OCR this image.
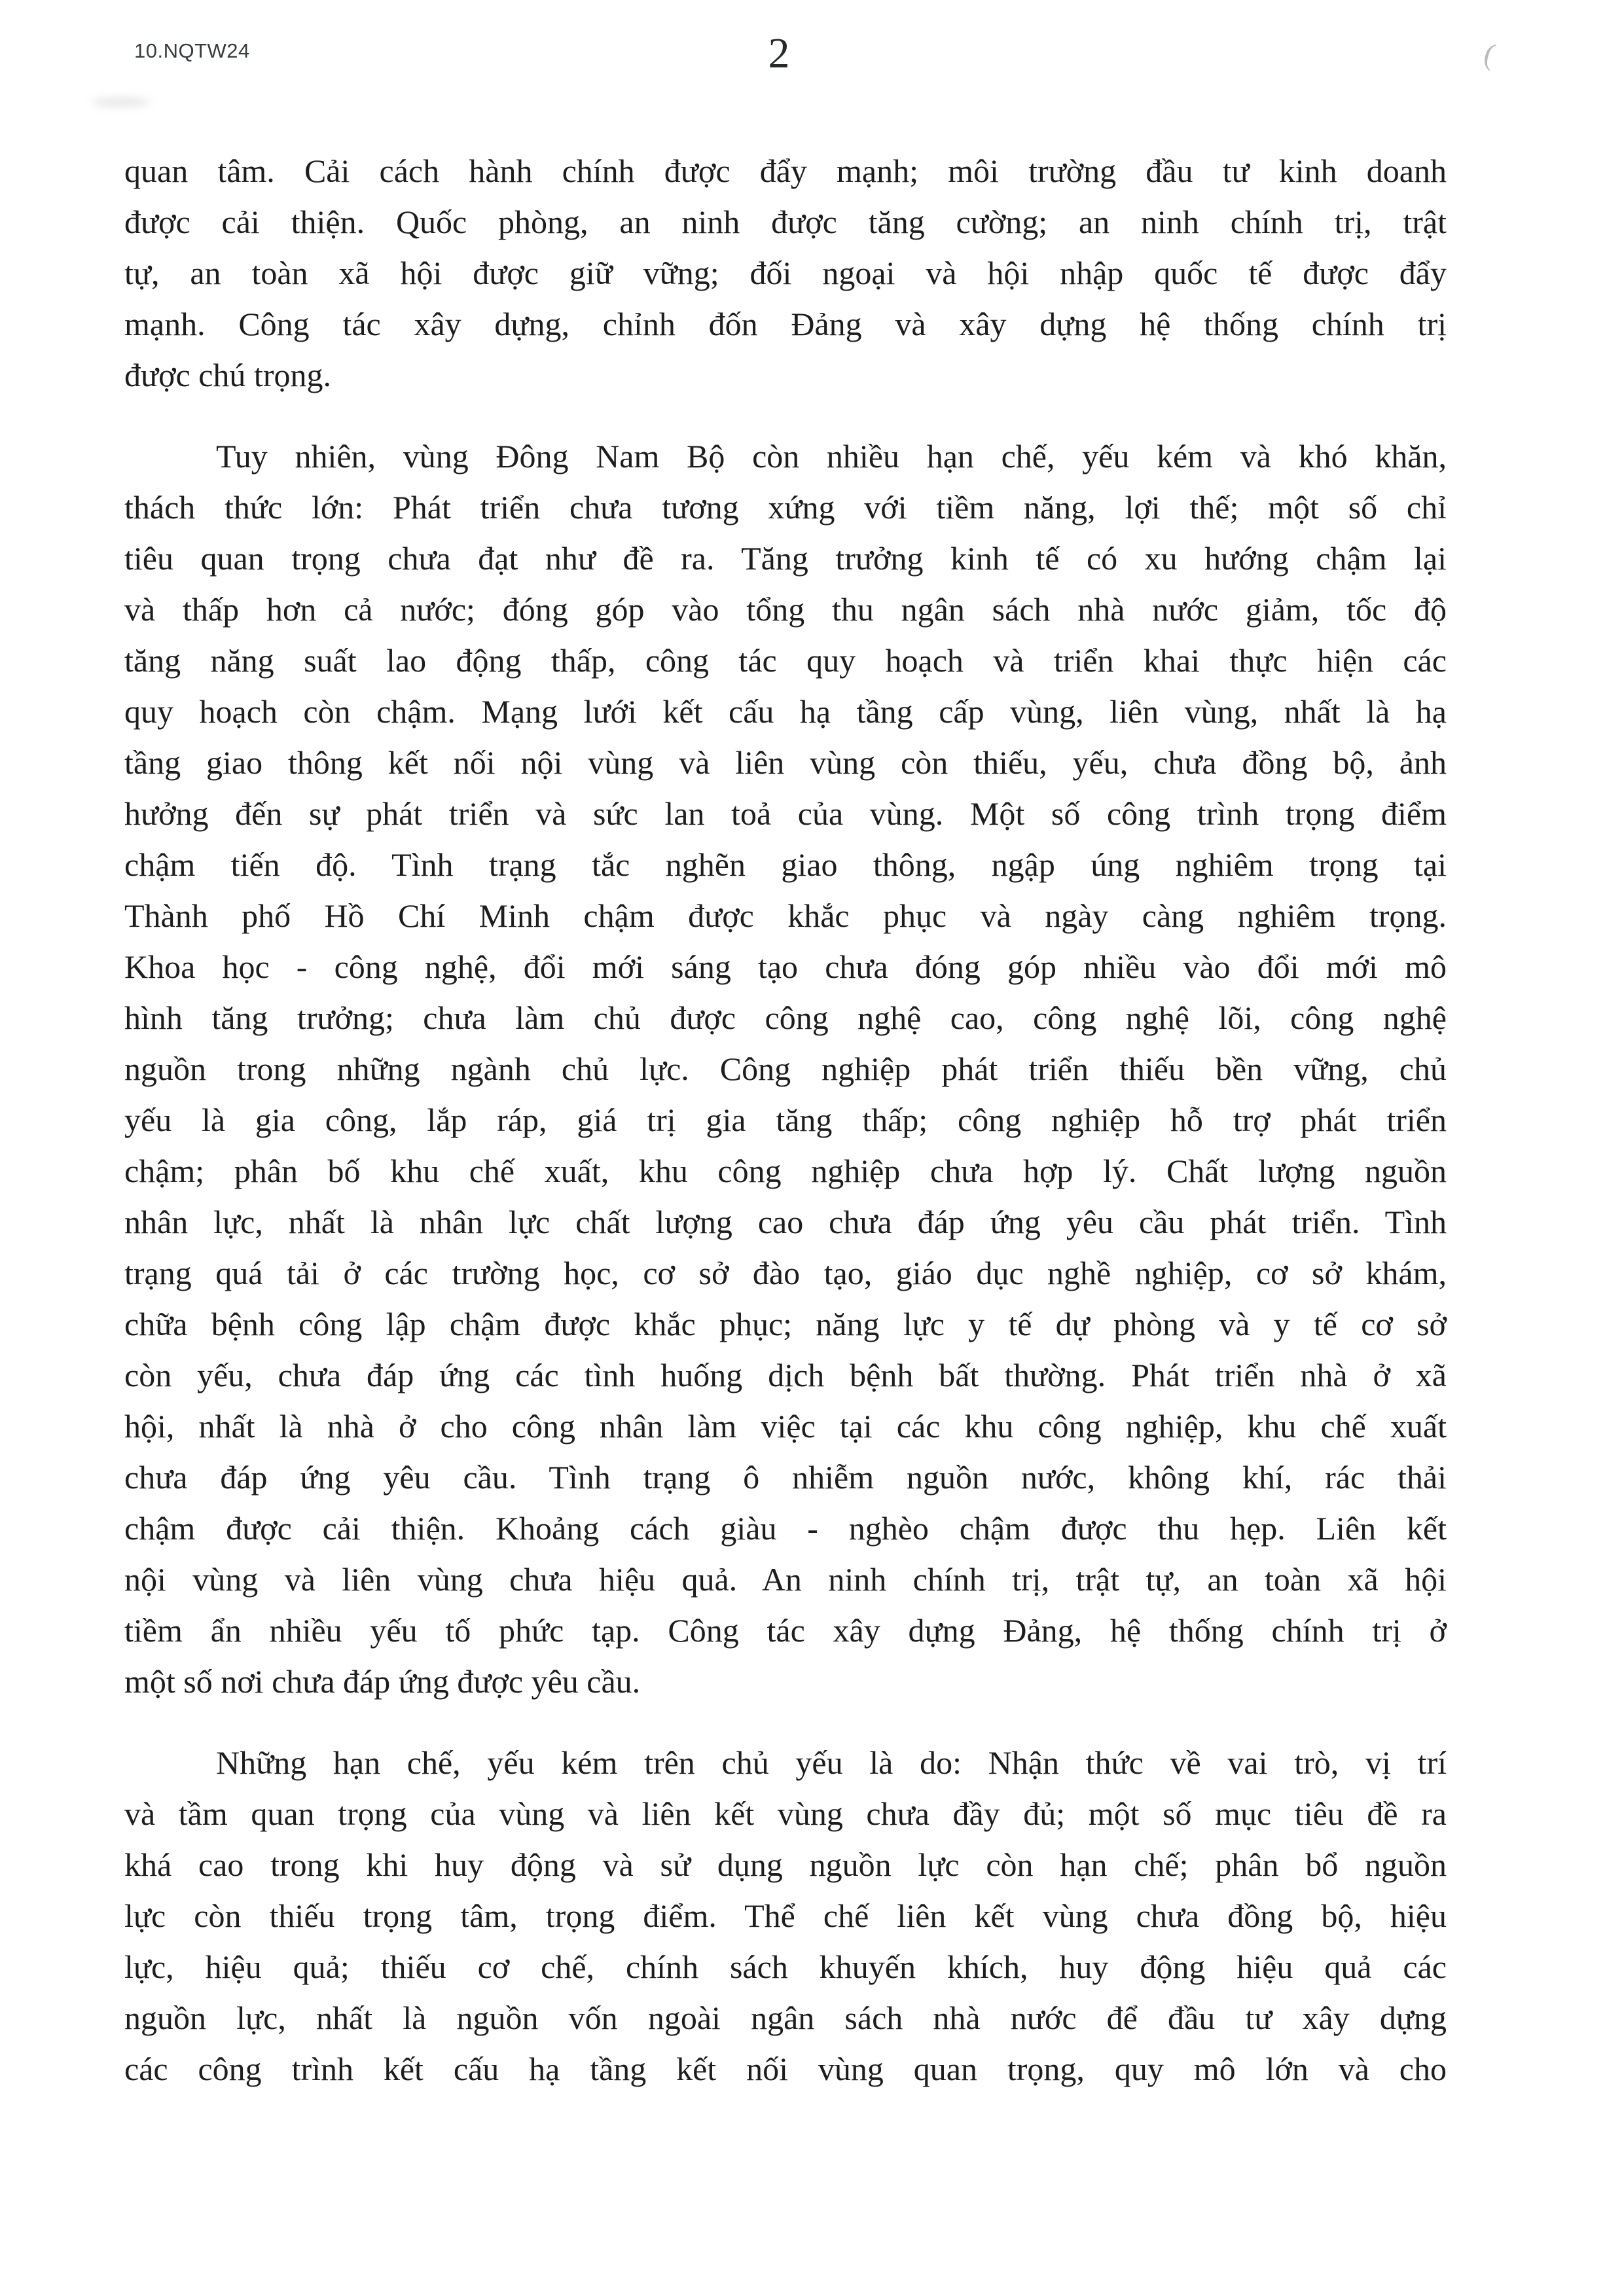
10.NQTW24	2	(
quan tâm. Cải cách hành chính được đẩy mạnh; môi trường đầu tư kinh doanh
được cải thiện. Quốc phòng, an ninh được tăng cường; an ninh chính trị, trật
tự, an toàn xã hội được giữ vững; đối ngoại và hội nhập quốc tế được đẩy
mạnh. Công tác xây dựng, chỉnh đốn Đảng và xây dựng hệ thống chính trị
được chú trọng.
Tuy nhiên, vùng Đông Nam Bộ còn nhiều hạn chế, yếu kém và khó khăn,
thách thức lớn: Phát triển chưa tương xứng với tiềm năng, lợi thế; một số chỉ
tiêu quan trọng chưa đạt như đề ra. Tăng trưởng kinh tế có xu hướng chậm lại
và thấp hơn cả nước; đóng góp vào tổng thu ngân sách nhà nước giảm, tốc độ
tăng năng suất lao động thấp, công tác quy hoạch và triển khai thực hiện các
quy hoạch còn chậm. Mạng lưới kết cấu hạ tầng cấp vùng, liên vùng, nhất là hạ
tầng giao thông kết nối nội vùng và liên vùng còn thiếu, yếu, chưa đồng bộ, ảnh
hưởng đến sự phát triển và sức lan toả của vùng. Một số công trình trọng điểm
chậm tiến độ. Tình trạng tắc nghẽn giao thông, ngập úng nghiêm trọng tại
Thành phố Hồ Chí Minh chậm được khắc phục và ngày càng nghiêm trọng.
Khoa học - công nghệ, đổi mới sáng tạo chưa đóng góp nhiều vào đổi mới mô
hình tăng trưởng; chưa làm chủ được công nghệ cao, công nghệ lõi, công nghệ
nguồn trong những ngành chủ lực. Công nghiệp phát triển thiếu bền vững, chủ
yếu là gia công, lắp ráp, giá trị gia tăng thấp; công nghiệp hỗ trợ phát triển
chậm; phân bố khu chế xuất, khu công nghiệp chưa hợp lý. Chất lượng nguồn
nhân lực, nhất là nhân lực chất lượng cao chưa đáp ứng yêu cầu phát triển. Tình
trạng quá tải ở các trường học, cơ sở đào tạo, giáo dục nghề nghiệp, cơ sở khám,
chữa bệnh công lập chậm được khắc phục; năng lực y tế dự phòng và y tế cơ sở
còn yếu, chưa đáp ứng các tình huống dịch bệnh bất thường. Phát triển nhà ở xã
hội, nhất là nhà ở cho công nhân làm việc tại các khu công nghiệp, khu chế xuất
chưa đáp ứng yêu cầu. Tình trạng ô nhiễm nguồn nước, không khí, rác thải
chậm được cải thiện. Khoảng cách giàu - nghèo chậm được thu hẹp. Liên kết
nội vùng và liên vùng chưa hiệu quả. An ninh chính trị, trật tự, an toàn xã hội
tiềm ẩn nhiều yếu tố phức tạp. Công tác xây dựng Đảng, hệ thống chính trị ở
một số nơi chưa đáp ứng được yêu cầu.
Những hạn chế, yếu kém trên chủ yếu là do: Nhận thức về vai trò, vị trí
và tầm quan trọng của vùng và liên kết vùng chưa đầy đủ; một số mục tiêu đề ra
khá cao trong khi huy động và sử dụng nguồn lực còn hạn chế; phân bổ nguồn
lực còn thiếu trọng tâm, trọng điểm. Thể chế liên kết vùng chưa đồng bộ, hiệu
lực, hiệu quả; thiếu cơ chế, chính sách khuyến khích, huy động hiệu quả các
nguồn lực, nhất là nguồn vốn ngoài ngân sách nhà nước để đầu tư xây dựng
các công trình kết cấu hạ tầng kết nối vùng quan trọng, quy mô lớn và cho
